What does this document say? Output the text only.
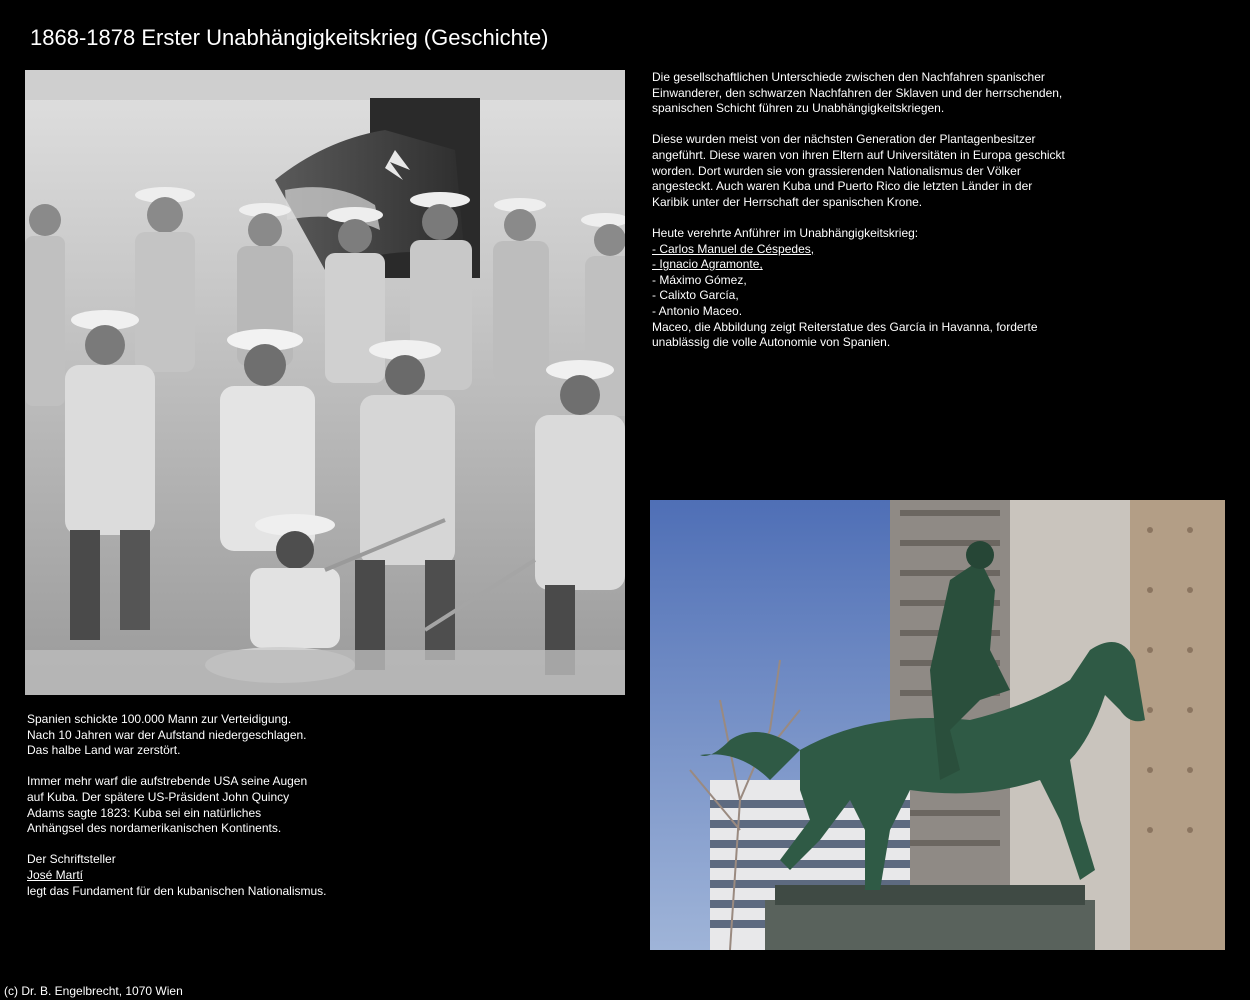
1868-1878 Erster Unabhängigkeitskrieg (Geschichte)

Die gesellschaftlichen Unterschiede zwischen den Nachfahren spanischer
Einwanderer, den schwarzen Nachfahren der Sklaven und der herrschenden,
spanischen Schicht führen zu Unabhängigkeitskriegen.

Diese wurden meist von der nächsten Generation der Plantagenbesitzer
angeführt. Diese waren von ihren Eltern auf Universitäten in Europa geschickt
worden. Dort wurden sie von grassierenden Nationalismus der Völker
angesteckt. Auch waren Kuba und Puerto Rico die letzten Länder in der
Karibik unter der Herrschaft der spanischen Krone.

Heute verehrte Anführer im Unabhängigkeitskrieg:
- Carlos Manuel de Céspedes,
- Ignacio Agramonte,
- Máximo Gómez,
- Calixto García,
- Antonio Maceo.
Maceo, die Abbildung zeigt Reiterstatue des García in Havanna, forderte
unablässig die volle Autonomie von Spanien.

Spanien schickte 100.000 Mann zur Verteidigung.
Nach 10 Jahren war der Aufstand niedergeschlagen.
Das halbe Land war zerstört.

Immer mehr warf die aufstrebende USA seine Augen
auf Kuba. Der spätere US-Präsident John Quincy
Adams sagte 1823: Kuba sei ein natürliches
Anhängsel des nordamerikanischen Kontinents.

Der Schriftsteller
José Martí
legt das Fundament für den kubanischen Nationalismus.

(c) Dr. B. Engelbrecht, 1070 Wien
